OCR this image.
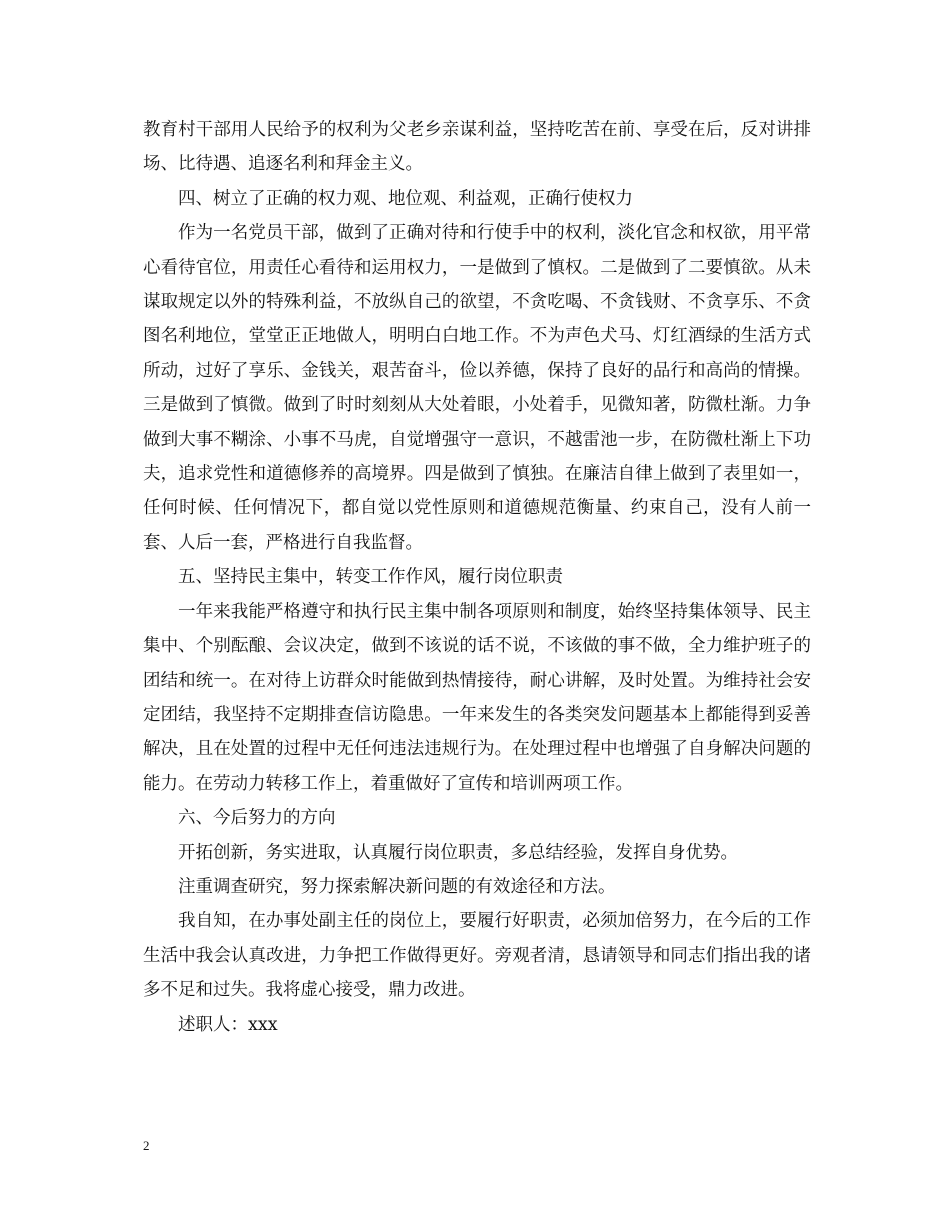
教育村干部用人民给予的权利为父老乡亲谋利益，坚持吃苦在前、享受在后，反对讲排场、比待遇、追逐名利和拜金主义。

四、树立了正确的权力观、地位观、利益观，正确行使权力

作为一名党员干部，做到了正确对待和行使手中的权利，淡化官念和权欲，用平常心看待官位，用责任心看待和运用权力，一是做到了慎权。二是做到了二要慎欲。从未谋取规定以外的特殊利益，不放纵自己的欲望，不贪吃喝、不贪钱财、不贪享乐、不贪图名利地位，堂堂正正地做人，明明白白地工作。不为声色犬马、灯红酒绿的生活方式所动，过好了享乐、金钱关，艰苦奋斗，俭以养德，保持了良好的品行和高尚的情操。三是做到了慎微。做到了时时刻刻从大处着眼，小处着手，见微知著，防微杜渐。力争做到大事不糊涂、小事不马虎，自觉增强守一意识，不越雷池一步，在防微杜渐上下功夫，追求党性和道德修养的高境界。四是做到了慎独。在廉洁自律上做到了表里如一，任何时候、任何情况下，都自觉以党性原则和道德规范衡量、约束自己，没有人前一套、人后一套，严格进行自我监督。

五、坚持民主集中，转变工作作风，履行岗位职责

一年来我能严格遵守和执行民主集中制各项原则和制度，始终坚持集体领导、民主集中、个别酝酿、会议决定，做到不该说的话不说，不该做的事不做，全力维护班子的团结和统一。在对待上访群众时能做到热情接待，耐心讲解，及时处置。为维持社会安定团结，我坚持不定期排查信访隐患。一年来发生的各类突发问题基本上都能得到妥善解决，且在处置的过程中无任何违法违规行为。在处理过程中也增强了自身解决问题的能力。在劳动力转移工作上，着重做好了宣传和培训两项工作。

六、今后努力的方向

开拓创新，务实进取，认真履行岗位职责，多总结经验，发挥自身优势。

注重调查研究，努力探索解决新问题的有效途径和方法。

我自知，在办事处副主任的岗位上，要履行好职责，必须加倍努力，在今后的工作生活中我会认真改进，力争把工作做得更好。旁观者清，恳请领导和同志们指出我的诸多不足和过失。我将虚心接受，鼎力改进。

述职人：xxx

2
